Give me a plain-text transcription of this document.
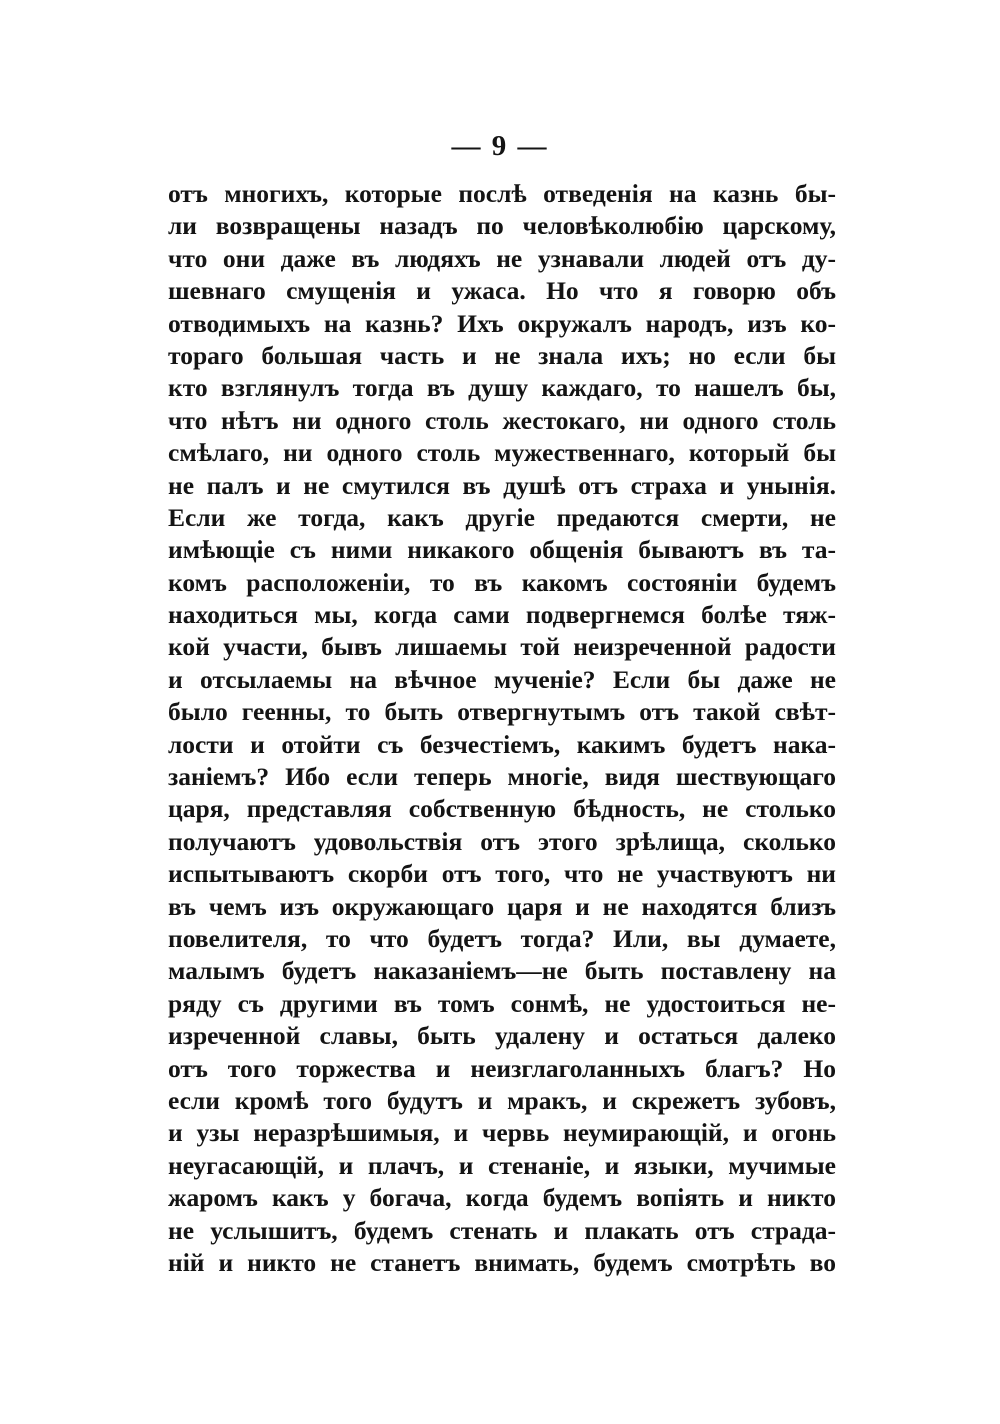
— 9 —
отъ многихъ, которые послѣ отведенія на казнь бы-
ли возвращены назадъ по человѣколюбію царскому,
что они даже въ людяхъ не узнавали людей отъ ду-
шевнаго смущенія и ужаса. Но что я говорю объ
отводимыхъ на казнь? Ихъ окружалъ народъ, изъ ко-
тораго большая часть и не знала ихъ; но если бы
кто взглянулъ тогда въ душу каждаго, то нашелъ бы,
что нѣтъ ни одного столь жестокаго, ни одного столь
смѣлаго, ни одного столь мужественнаго, который бы
не палъ и не смутился въ душѣ отъ страха и унынія.
Если же тогда, какъ другіе предаются смерти, не
имѣющіе съ ними никакого общенія бываютъ въ та-
комъ расположеніи, то въ какомъ состояніи будемъ
находиться мы, когда сами подвергнемся болѣе тяж-
кой участи, бывъ лишаемы той неизреченной радости
и отсылаемы на вѣчное мученіе? Если бы даже не
было геенны, то быть отвергнутымъ отъ такой свѣт-
лости и отойти съ безчестіемъ, какимъ будетъ нака-
заніемъ? Ибо если теперь многіе, видя шествующаго
царя, представляя собственную бѣдность, не столько
получаютъ удовольствія отъ этого зрѣлища, сколько
испытываютъ скорби отъ того, что не участвуютъ ни
въ чемъ изъ окружающаго царя и не находятся близъ
повелителя, то что будетъ тогда? Или, вы думаете,
малымъ будетъ наказаніемъ—не быть поставлену на
ряду съ другими въ томъ сонмѣ, не удостоиться не-
изреченной славы, быть удалену и остаться далеко
отъ того торжества и неизглаголанныхъ благъ? Но
если кромѣ того будутъ и мракъ, и скрежетъ зубовъ,
и узы неразрѣшимыя, и червь неумирающій, и огонь
неугасающій, и плачъ, и стенаніе, и языки, мучимые
жаромъ какъ у богача, когда будемъ вопіять и никто
не услышитъ, будемъ стенать и плакать отъ страда-
ній и никто не станетъ внимать, будемъ смотрѣть во
